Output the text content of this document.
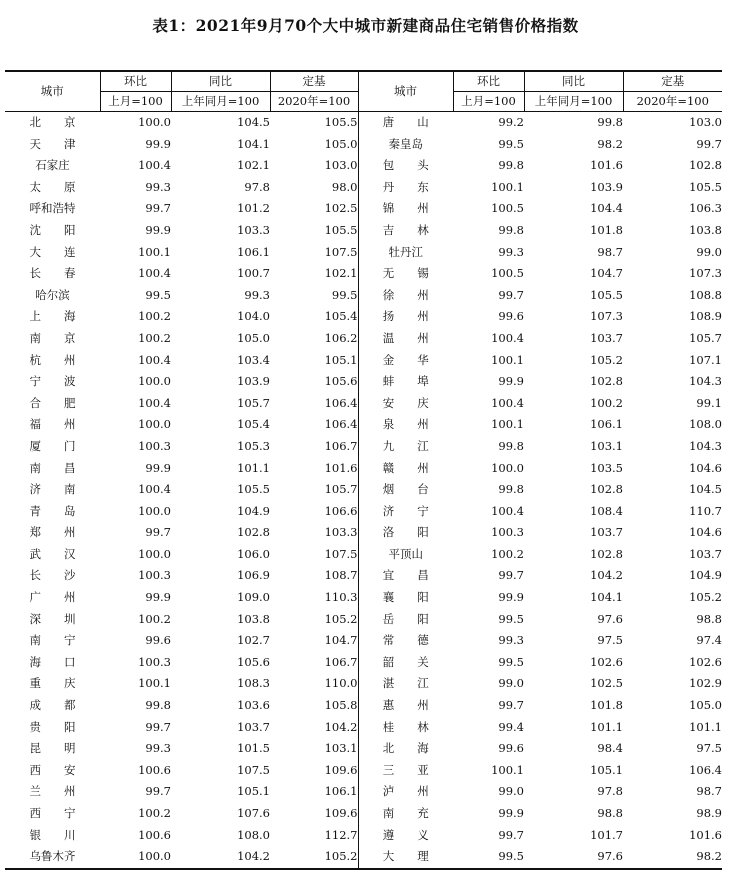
表1：2021年9月70个大中城市新建商品住宅销售价格指数
城市	环比	同比	定基	城市	环比	同比	定基
	上月=100	上年同月=100	2020年=100		上月=100	上年同月=100	2020年=100
北　　京	100.0	104.5	105.5	唐　　山	99.2	99.8	103.0
天　　津	99.9	104.1	105.0	秦皇岛	99.5	98.2	99.7
石家庄	100.4	102.1	103.0	包　　头	99.8	101.6	102.8
太　　原	99.3	97.8	98.0	丹　　东	100.1	103.9	105.5
呼和浩特	99.7	101.2	102.5	锦　　州	100.5	104.4	106.3
沈　　阳	99.9	103.3	105.5	吉　　林	99.8	101.8	103.8
大　　连	100.1	106.1	107.5	牡丹江	99.3	98.7	99.0
长　　春	100.4	100.7	102.1	无　　锡	100.5	104.7	107.3
哈尔滨	99.5	99.3	99.5	徐　　州	99.7	105.5	108.8
上　　海	100.2	104.0	105.4	扬　　州	99.6	107.3	108.9
南　　京	100.2	105.0	106.2	温　　州	100.4	103.7	105.7
杭　　州	100.4	103.4	105.1	金　　华	100.1	105.2	107.1
宁　　波	100.0	103.9	105.6	蚌　　埠	99.9	102.8	104.3
合　　肥	100.4	105.7	106.4	安　　庆	100.4	100.2	99.1
福　　州	100.0	105.4	106.4	泉　　州	100.1	106.1	108.0
厦　　门	100.3	105.3	106.7	九　　江	99.8	103.1	104.3
南　　昌	99.9	101.1	101.6	赣　　州	100.0	103.5	104.6
济　　南	100.4	105.5	105.7	烟　　台	99.8	102.8	104.5
青　　岛	100.0	104.9	106.6	济　　宁	100.4	108.4	110.7
郑　　州	99.7	102.8	103.3	洛　　阳	100.3	103.7	104.6
武　　汉	100.0	106.0	107.5	平顶山	100.2	102.8	103.7
长　　沙	100.3	106.9	108.7	宜　　昌	99.7	104.2	104.9
广　　州	99.9	109.0	110.3	襄　　阳	99.9	104.1	105.2
深　　圳	100.2	103.8	105.2	岳　　阳	99.5	97.6	98.8
南　　宁	99.6	102.7	104.7	常　　德	99.3	97.5	97.4
海　　口	100.3	105.6	106.7	韶　　关	99.5	102.6	102.6
重　　庆	100.1	108.3	110.0	湛　　江	99.0	102.5	102.9
成　　都	99.8	103.6	105.8	惠　　州	99.7	101.8	105.0
贵　　阳	99.7	103.7	104.2	桂　　林	99.4	101.1	101.1
昆　　明	99.3	101.5	103.1	北　　海	99.6	98.4	97.5
西　　安	100.6	107.5	109.6	三　　亚	100.1	105.1	106.4
兰　　州	99.7	105.1	106.1	泸　　州	99.0	97.8	98.7
西　　宁	100.2	107.6	109.6	南　　充	99.9	98.8	98.9
银　　川	100.6	108.0	112.7	遵　　义	99.7	101.7	101.6
乌鲁木齐	100.0	104.2	105.2	大　　理	99.5	97.6	98.2
